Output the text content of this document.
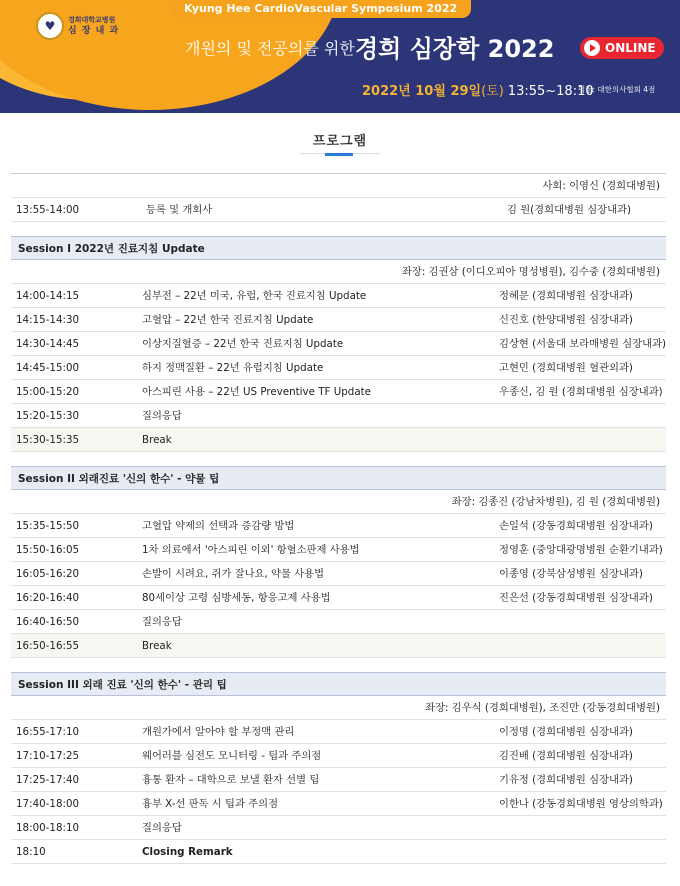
Kyung Hee CardioVascular Symposium 2022
♥	경희대학교병원
심 장 내 과
개원의 및 전공의를 위한 경희 심장학 2022	ONLINE
2022년 10월 29일(토) 13:55~18:10
평점: 대한의사협회 4점
프로그램
사회: 이영신 (경희대병원)
13:55-14:00	등록 및 개회사	김 원(경희대병원 심장내과)
Session I 2022년 진료지침 Update
좌장: 김권삼 (이디오피아 명성병원), 김수중 (경희대병원)
14:00-14:15	심부전 – 22년 미국, 유럽, 한국 진료지침 Update	정혜문 (경희대병원 심장내과)
14:15-14:30	고혈압 – 22년 한국 진료지침 Update	신진호 (한양대병원 심장내과)
14:30-14:45	이상지질혈증 – 22년 한국 진료지침 Update	김상현 (서울대 보라매병원 심장내과)
14:45-15:00	하지 정맥질환 – 22년 유럽지침 Update	고현민 (경희대병원 혈관외과)
15:00-15:20	아스피린 사용 – 22년 US Preventive TF Update	우종신, 김 원 (경희대병원 심장내과)
15:20-15:30	질의응답
15:30-15:35	Break
Session II 외래진료 '신의 한수' - 약물 팁
좌장: 김종진 (강남차병원), 김 원 (경희대병원)
15:35-15:50	고혈압 약제의 선택과 증감량 방법	손일석 (강동경희대병원 심장내과)
15:50-16:05	1차 의료에서 '아스피린 이외' 항혈소판제 사용법	정영훈 (중앙대광명병원 순환기내과)
16:05-16:20	손발이 시려요, 쥐가 잘나요, 약물 사용법	이종영 (강북삼성병원 심장내과)
16:20-16:40	80세이상 고령 심방세동, 항응고제 사용법	진은선 (강동경희대병원 심장내과)
16:40-16:50	질의응답
16:50-16:55	Break
Session III 외래 진료 '신의 한수' - 관리 팁
좌장: 김우식 (경희대병원), 조진만 (강동경희대병원)
16:55-17:10	개원가에서 알아야 할 부정맥 관리	이정명 (경희대병원 심장내과)
17:10-17:25	웨어러블 심전도 모니터링 - 팁과 주의점	김진배 (경희대병원 심장내과)
17:25-17:40	흉통 환자 – 대학으로 보낼 환자 선별 팁	기유정 (경희대병원 심장내과)
17:40-18:00	흉부 X-선 판독 시 팁과 주의점	이한나 (강동경희대병원 영상의학과)
18:00-18:10	질의응답
18:10	Closing Remark
